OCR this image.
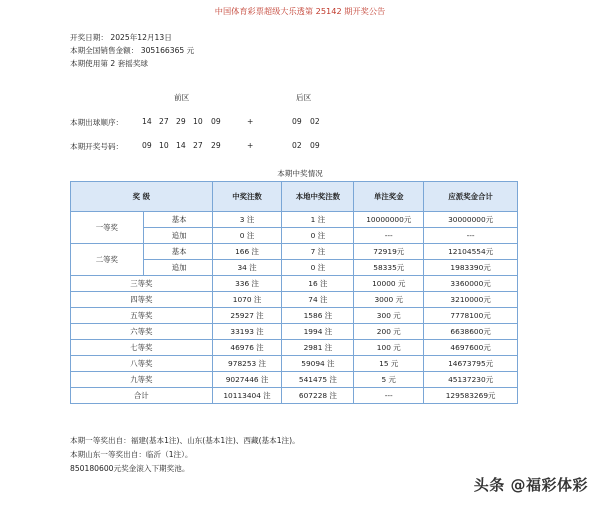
中国体育彩票超级大乐透第 25142 期开奖公告
开奖日期： 2025年12月13日
本期全国销售金额： 305166365 元
本期使用第 2 套摇奖球
前区	后区
本期出球顺序： 14 27 29 10 09	+	09 02
本期开奖号码： 09 10 14 27 29	+	02 09
本期中奖情况
奖 级		中奖注数	本地中奖注数	单注奖金	应派奖金合计
一等奖	基本	3 注	1 注	10000000元	30000000元
	追加	0 注	0 注	---	---
二等奖	基本	166 注	7 注	72919元	12104554元
	追加	34 注	0 注	58335元	1983390元
三等奖		336 注	16 注	10000 元	3360000元
四等奖		1070 注	74 注	3000 元	3210000元
五等奖		25927 注	1586 注	300 元	7778100元
六等奖		33193 注	1994 注	200 元	6638600元
七等奖		46976 注	2981 注	100 元	4697600元
八等奖		978253 注	59094 注	15 元	14673795元
九等奖		9027446 注	541475 注	5 元	45137230元
合计		10113404 注	607228 注	---	129583269元
本期一等奖出自：福建(基本1注)、山东(基本1注)、西藏(基本1注)。
本期山东一等奖出自：临沂（1注）。
850180600元奖金滚入下期奖池。
头条 @福彩体彩
